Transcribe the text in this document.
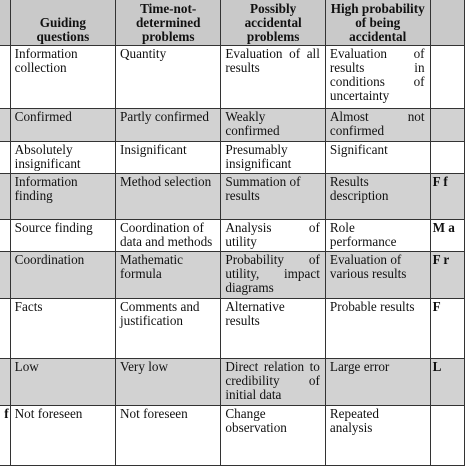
	Guiding questions	Time-not-determined problems	Possibly accidental problems	High probability of being accidental	
	Information collection	Quantity	Evaluation of all results	Evaluation of results in conditions of uncertainty	
	Confirmed	Partly confirmed	Weakly confirmed	Almost not confirmed	
	Absolutely insignificant	Insignificant	Presumably insignificant	Significant	
	Information finding	Method selection	Summation of results	Results description	F f
	Source finding	Coordination of data and methods	Analysis of utility	Role performance	M a
	Coordination	Mathematic formula	Probability of utility, impact diagrams	Evaluation of various results	F r
	Facts	Comments and justification	Alternative results	Probable results	F
	Low	Very low	Direct relation to credibility of initial data	Large error	L
f	Not foreseen	Not foreseen	Change observation	Repeated analysis	
